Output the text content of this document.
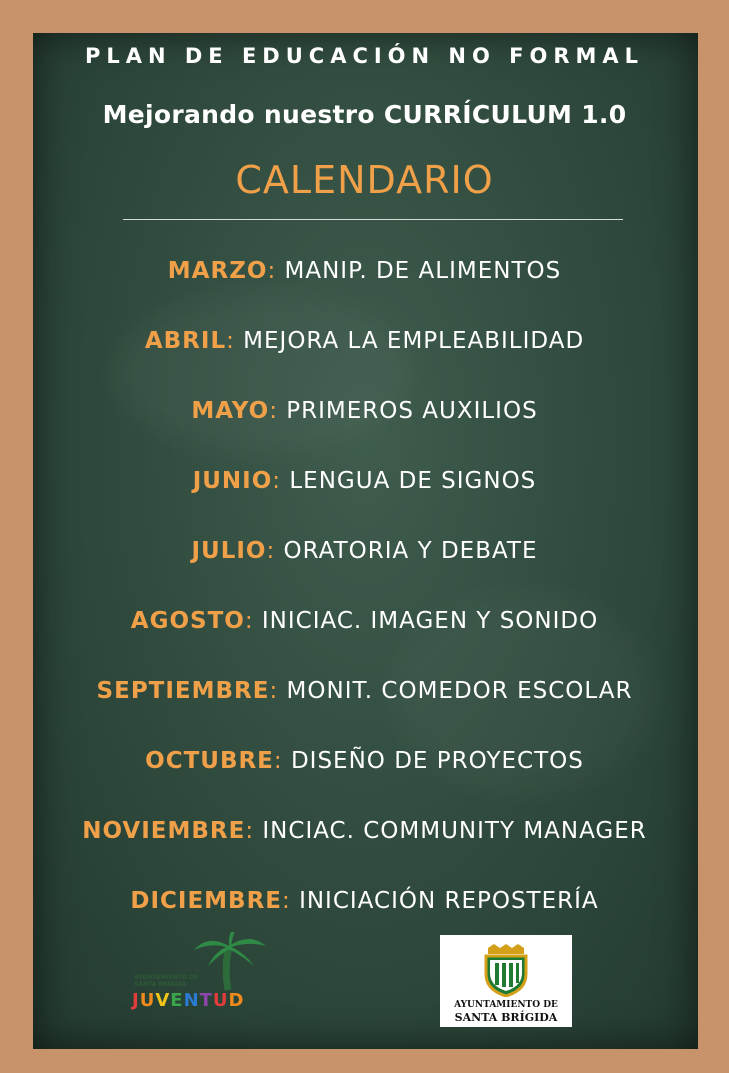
PLAN DE EDUCACIÓN NO FORMAL
Mejorando nuestro CURRÍCULUM 1.0
CALENDARIO
MARZO: MANIP. DE ALIMENTOS
ABRIL: MEJORA LA EMPLEABILIDAD
MAYO: PRIMEROS AUXILIOS
JUNIO: LENGUA DE SIGNOS
JULIO: ORATORIA Y DEBATE
AGOSTO: INICIAC. IMAGEN Y SONIDO
SEPTIEMBRE: MONIT. COMEDOR ESCOLAR
OCTUBRE: DISEÑO DE PROYECTOS
NOVIEMBRE: INCIAC. COMMUNITY MANAGER
DICIEMBRE: INICIACIÓN REPOSTERÍA
AYUNTAMIENTO DE
SANTA BRÍGIDA
JUVENTUD	AYUNTAMIENTO DE
SANTA BRÍGIDA
